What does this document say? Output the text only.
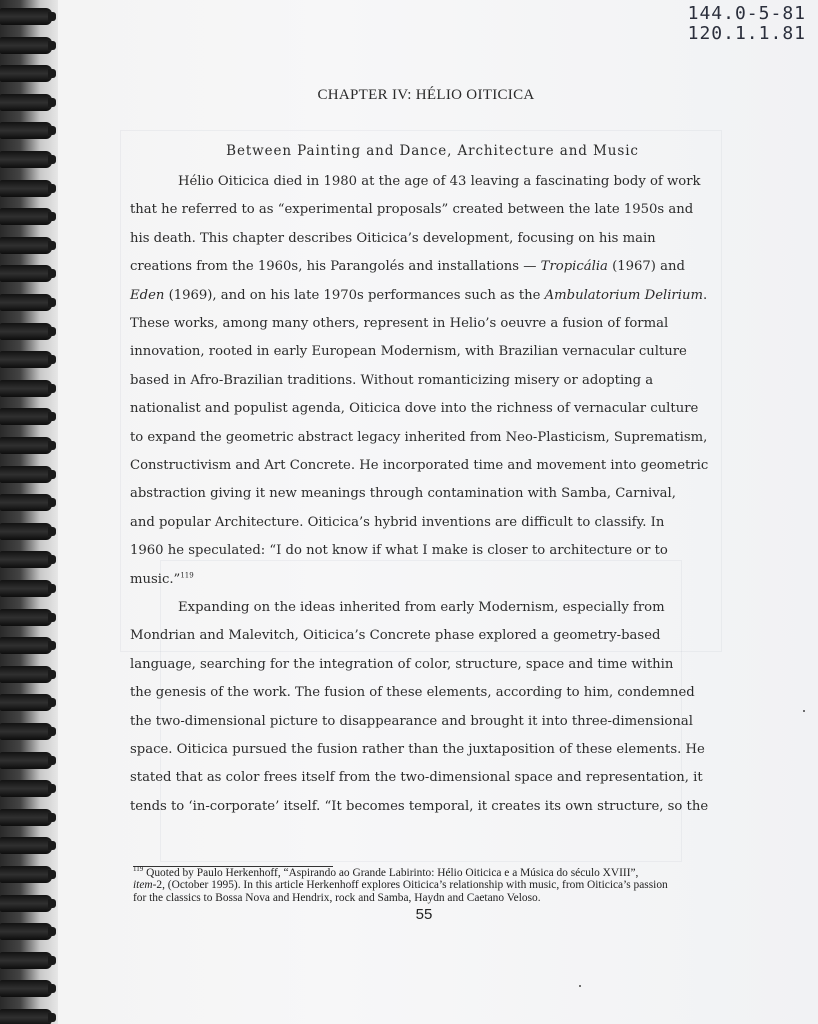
144.0-5-81
120.1.1.81
CHAPTER IV: HÉLIO OITICICA
Between Painting and Dance, Architecture and Music
Hélio Oiticica died in 1980 at the age of 43 leaving a fascinating body of work
that he referred to as “experimental proposals” created between the late 1950s and
his death. This chapter describes Oiticica’s development, focusing on his main
creations from the 1960s, his Parangolés and installations — Tropicália (1967) and
Eden (1969), and on his late 1970s performances such as the Ambulatorium Delirium.
These works, among many others, represent in Helio’s oeuvre a fusion of formal
innovation, rooted in early European Modernism, with Brazilian vernacular culture
based in Afro-Brazilian traditions. Without romanticizing misery or adopting a
nationalist and populist agenda, Oiticica dove into the richness of vernacular culture
to expand the geometric abstract legacy inherited from Neo-Plasticism, Suprematism,
Constructivism and Art Concrete. He incorporated time and movement into geometric
abstraction giving it new meanings through contamination with Samba, Carnival,
and popular Architecture. Oiticica’s hybrid inventions are difficult to classify. In
1960 he speculated: “I do not know if what I make is closer to architecture or to
music.”$^{119}$
Expanding on the ideas inherited from early Modernism, especially from
Mondrian and Malevitch, Oiticica’s Concrete phase explored a geometry-based
language, searching for the integration of color, structure, space and time within
the genesis of the work. The fusion of these elements, according to him, condemned
the two-dimensional picture to disappearance and brought it into three-dimensional
space. Oiticica pursued the fusion rather than the juxtaposition of these elements. He
stated that as color frees itself from the two-dimensional space and representation, it
tends to ‘in-corporate’ itself. “It becomes temporal, it creates its own structure, so the
$^{119}$ Quoted by Paulo Herkenhoff, “Aspirando ao Grande Labirinto: Hélio Oiticica e a Música do século XVIII”,
item-2, (October 1995). In this article Herkenhoff explores Oiticica’s relationship with music, from Oiticica’s passion
for the classics to Bossa Nova and Hendrix, rock and Samba, Haydn and Caetano Veloso.
55
